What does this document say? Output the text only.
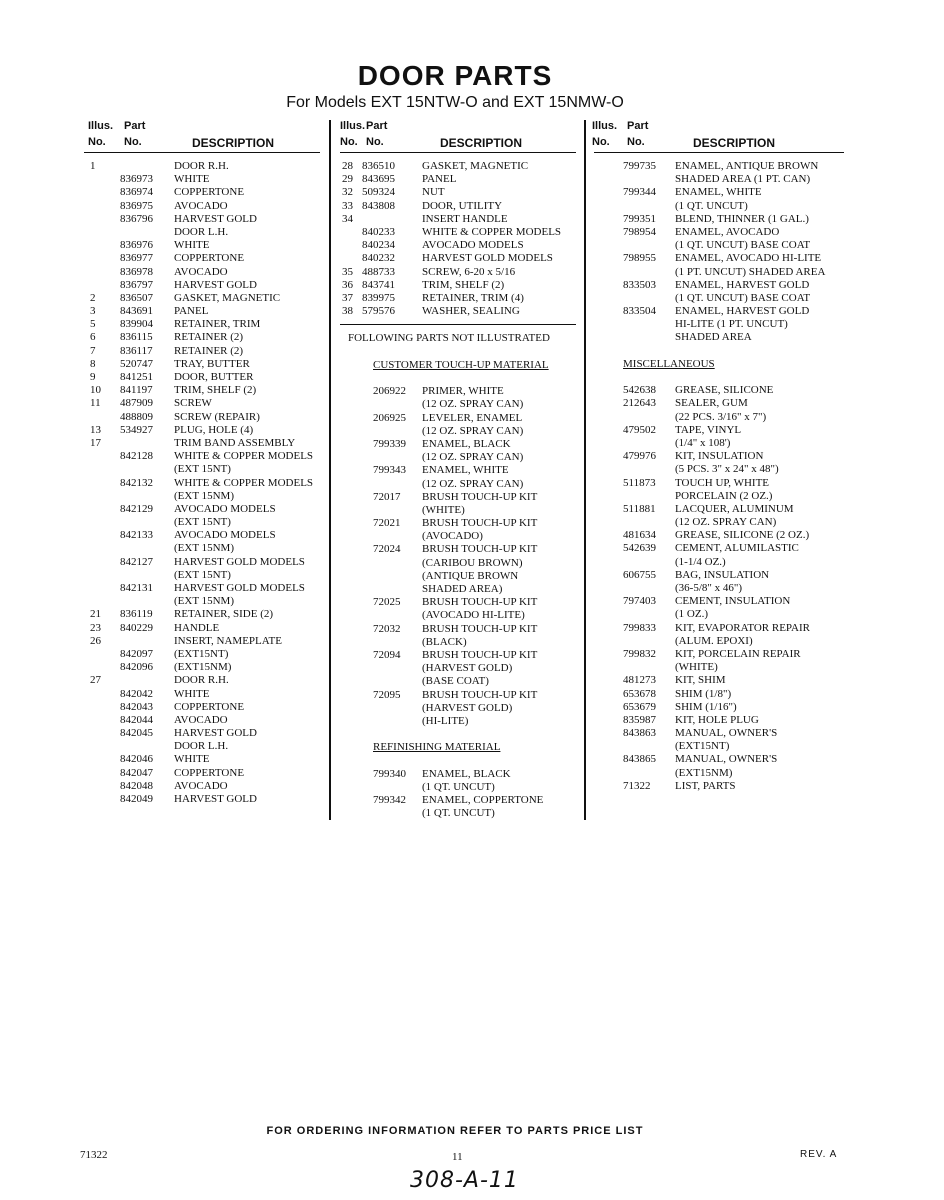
DOOR PARTS
For Models EXT 15NTW-O and EXT 15NMW-O
Illus.
No.
Part
No.	DESCRIPTION
1	DOOR R.H.
836973 WHITE
836974 COPPERTONE
836975 AVOCADO
836796 HARVEST GOLD
DOOR L.H.
836976 WHITE
836977 COPPERTONE
836978 AVOCADO
836797 HARVEST GOLD
2 836507 GASKET, MAGNETIC
3 843691 PANEL
5 839904 RETAINER, TRIM
6 836115 RETAINER (2)
7 836117 RETAINER (2)
8 520747 TRAY, BUTTER
9 841251 DOOR, BUTTER
10 841197 TRIM, SHELF (2)
11 487909 SCREW
488809 SCREW (REPAIR)
13 534927 PLUG, HOLE (4)
17	TRIM BAND ASSEMBLY
842128 WHITE & COPPER MODELS
(EXT 15NT)
842132 WHITE & COPPER MODELS
(EXT 15NM)
842129 AVOCADO MODELS
(EXT 15NT)
842133 AVOCADO MODELS
(EXT 15NM)
842127 HARVEST GOLD MODELS
(EXT 15NT)
842131 HARVEST GOLD MODELS
(EXT 15NM)
21 836119 RETAINER, SIDE (2)
23 840229 HANDLE
26	INSERT, NAMEPLATE
842097 (EXT15NT)
842096 (EXT15NM)
27	DOOR R.H.
842042 WHITE
842043 COPPERTONE
842044 AVOCADO
842045 HARVEST GOLD
DOOR L.H.
842046 WHITE
842047 COPPERTONE
842048 AVOCADO
842049 HARVEST GOLD
Illus.
No.
Part
No.	DESCRIPTION
28 836510 GASKET, MAGNETIC
29 843695 PANEL
32 509324 NUT
33 843808 DOOR, UTILITY
34	INSERT HANDLE
840233 WHITE & COPPER MODELS
840234 AVOCADO MODELS
840232 HARVEST GOLD MODELS
35 488733 SCREW, 6-20 x 5/16
36 843741 TRIM, SHELF (2)
37 839975 RETAINER, TRIM (4)
38 579576 WASHER, SEALING
FOLLOWING PARTS NOT ILLUSTRATED
CUSTOMER TOUCH-UP MATERIAL
206922 PRIMER, WHITE
(12 OZ. SPRAY CAN)
206925 LEVELER, ENAMEL
(12 OZ. SPRAY CAN)
799339 ENAMEL, BLACK
(12 OZ. SPRAY CAN)
799343 ENAMEL, WHITE
(12 OZ. SPRAY CAN)
72017 BRUSH TOUCH-UP KIT
(WHITE)
72021 BRUSH TOUCH-UP KIT
(AVOCADO)
72024 BRUSH TOUCH-UP KIT
(CARIBOU BROWN)
(ANTIQUE BROWN
SHADED AREA)
72025 BRUSH TOUCH-UP KIT
(AVOCADO HI-LITE)
72032 BRUSH TOUCH-UP KIT
(BLACK)
72094 BRUSH TOUCH-UP KIT
(HARVEST GOLD)
(BASE COAT)
72095 BRUSH TOUCH-UP KIT
(HARVEST GOLD)
(HI-LITE)
REFINISHING MATERIAL
799340 ENAMEL, BLACK
(1 QT. UNCUT)
799342 ENAMEL, COPPERTONE
(1 QT. UNCUT)
Illus.
No.
Part
No.	DESCRIPTION
799735 ENAMEL, ANTIQUE BROWN
SHADED AREA (1 PT. CAN)
799344 ENAMEL, WHITE
(1 QT. UNCUT)
799351 BLEND, THINNER (1 GAL.)
798954 ENAMEL, AVOCADO
(1 QT. UNCUT) BASE COAT
798955 ENAMEL, AVOCADO HI-LITE
(1 PT. UNCUT) SHADED AREA
833503 ENAMEL, HARVEST GOLD
(1 QT. UNCUT) BASE COAT
833504 ENAMEL, HARVEST GOLD
HI-LITE (1 PT. UNCUT)
SHADED AREA
MISCELLANEOUS
542638 GREASE, SILICONE
212643 SEALER, GUM
(22 PCS. 3/16" x 7")
479502 TAPE, VINYL
(1/4" x 108')
479976 KIT, INSULATION
(5 PCS. 3" x 24" x 48")
511873 TOUCH UP, WHITE
PORCELAIN (2 OZ.)
511881 LACQUER, ALUMINUM
(12 OZ. SPRAY CAN)
481634 GREASE, SILICONE (2 OZ.)
542639 CEMENT, ALUMILASTIC
(1-1/4 OZ.)
606755 BAG, INSULATION
(36-5/8" x 46")
797403 CEMENT, INSULATION
(1 OZ.)
799833 KIT, EVAPORATOR REPAIR
(ALUM. EPOXI)
799832 KIT, PORCELAIN REPAIR
(WHITE)
481273 KIT, SHIM
653678 SHIM (1/8")
653679 SHIM (1/16")
835987 KIT, HOLE PLUG
843863 MANUAL, OWNER'S
(EXT15NT)
843865 MANUAL, OWNER'S
(EXT15NM)
71322 LIST, PARTS
FOR ORDERING INFORMATION REFER TO PARTS PRICE LIST
71322	11	REV. A
308-A-11
